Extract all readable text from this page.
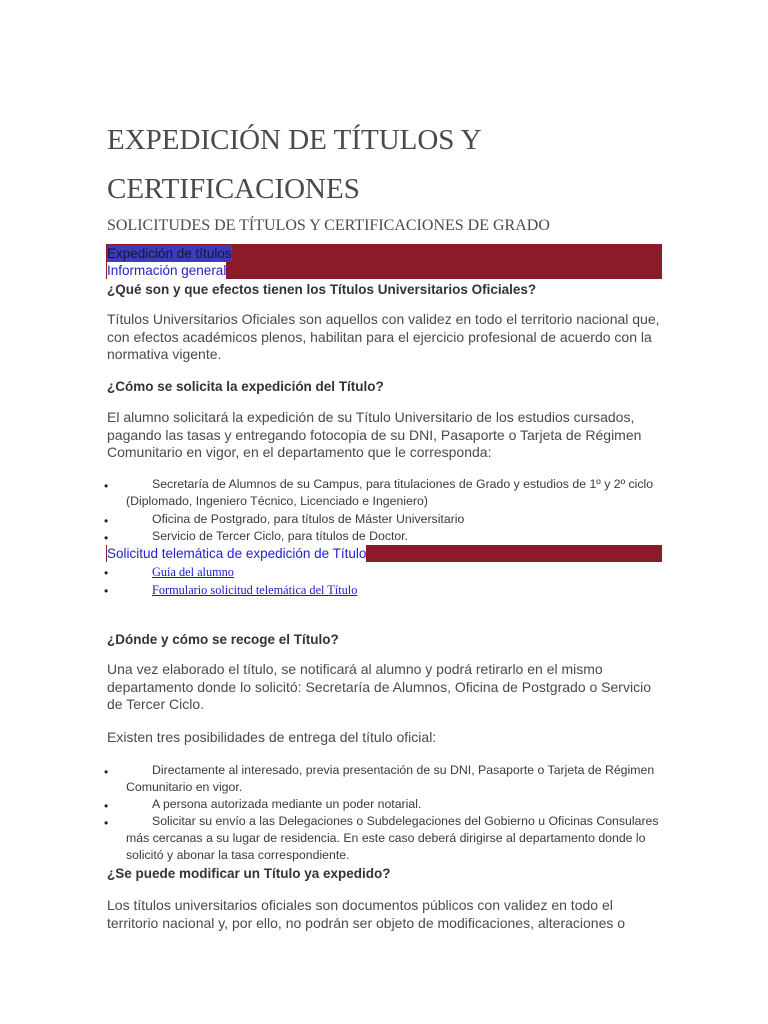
EXPEDICIÓN DE TÍTULOS Y
CERTIFICACIONES
SOLICITUDES DE TÍTULOS Y CERTIFICACIONES DE GRADO
Expedición de títulos
Información general

¿Qué son y que efectos tienen los Títulos Universitarios Oficiales?

Títulos Universitarios Oficiales son aquellos con validez en todo el territorio nacional que, con efectos académicos plenos, habilitan para el ejercicio profesional de acuerdo con la normativa vigente.

¿Cómo se solicita la expedición del Título?

El alumno solicitará la expedición de su Título Universitario de los estudios cursados, pagando las tasas y entregando fotocopia de su DNI, Pasaporte o Tarjeta de Régimen Comunitario en vigor, en el departamento que le corresponda:

•	Secretaría de Alumnos de su Campus, para titulaciones de Grado y estudios de 1º y 2º ciclo (Diplomado, Ingeniero Técnico, Licenciado e Ingeniero)

•	Oficina de Postgrado, para títulos de Máster Universitario

•	Servicio de Tercer Ciclo, para títulos de Doctor.

Solicitud telemática de expedición de Título
•	Guía del alumno
•	Formulario solicitud telemática del Título

¿Dónde y cómo se recoge el Título?

Una vez elaborado el título, se notificará al alumno y podrá retirarlo en el mismo departamento donde lo solicitó: Secretaría de Alumnos, Oficina de Postgrado o Servicio de Tercer Ciclo.

Existen tres posibilidades de entrega del título oficial:

•	Directamente al interesado, previa presentación de su DNI, Pasaporte o Tarjeta de Régimen Comunitario en vigor.

•	A persona autorizada mediante un poder notarial.

•	Solicitar su envío a las Delegaciones o Subdelegaciones del Gobierno u Oficinas Consulares más cercanas a su lugar de residencia. En este caso deberá dirigirse al departamento donde lo solicitó y abonar la tasa correspondiente.

¿Se puede modificar un Título ya expedido?

Los títulos universitarios oficiales son documentos públicos con validez en todo el territorio nacional y, por ello, no podrán ser objeto de modificaciones, alteraciones o
